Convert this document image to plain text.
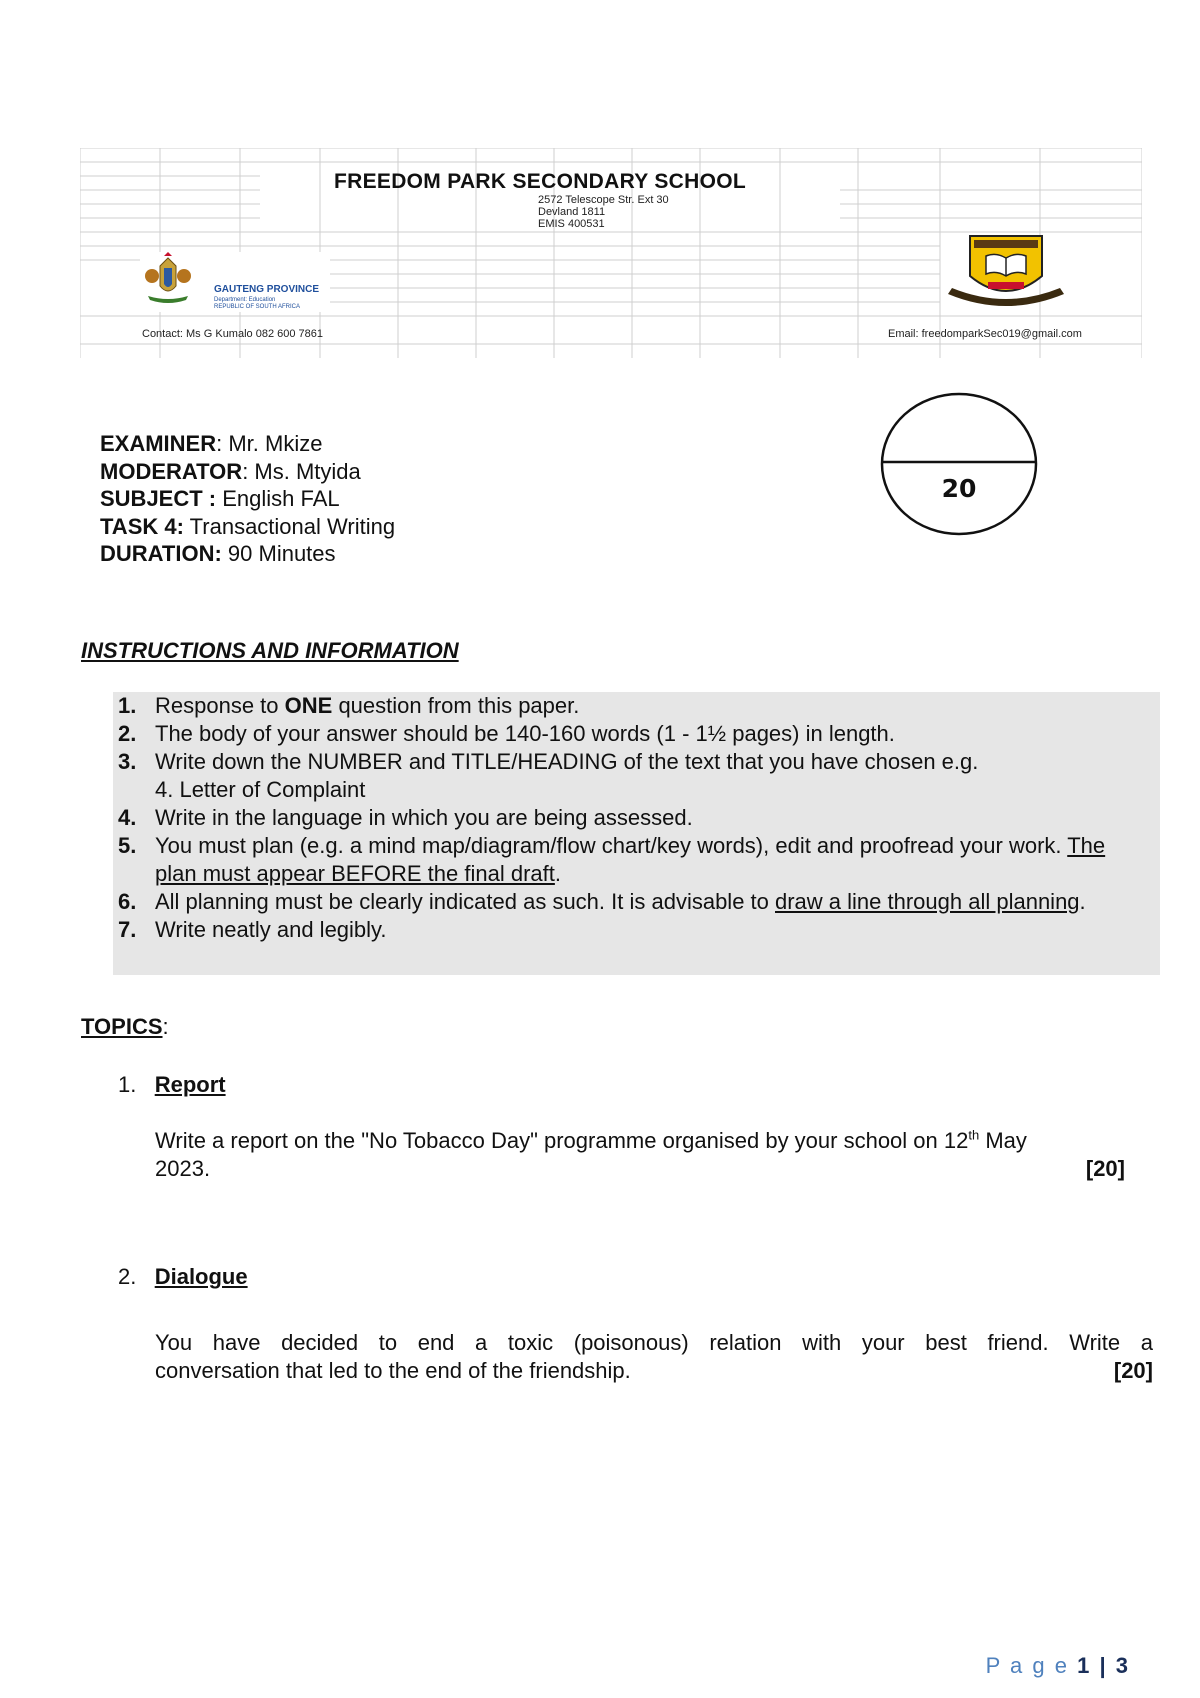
FREEDOM PARK SECONDARY SCHOOL
2572 Telescope Str. Ext 30
Devland 1811
EMIS 400531
GAUTENG PROVINCE
Department: Education
REPUBLIC OF SOUTH AFRICA
Contact: Ms G Kumalo 082 600 7861	Email: freedomparkSec019@gmail.com
EXAMINER: Mr. Mkize
MODERATOR: Ms. Mtyida
SUBJECT : English FAL
TASK 4: Transactional Writing
DURATION: 90 Minutes
20
INSTRUCTIONS AND INFORMATION
1. Response to ONE question from this paper.
2. The body of your answer should be 140-160 words (1 - 1½ pages) in length.
3. Write down the NUMBER and TITLE/HEADING of the text that you have chosen e.g.
4. Letter of Complaint
4. Write in the language in which you are being assessed.
5. You must plan (e.g. a mind map/diagram/flow chart/key words), edit and proofread your work. The plan must appear BEFORE the final draft.
6. All planning must be clearly indicated as such. It is advisable to draw a line through all planning.
7. Write neatly and legibly.
TOPICS:
1. Report
Write a report on the "No Tobacco Day" programme organised by your school on 12th May
2023.	[20]
2. Dialogue
You have decided to end a toxic (poisonous) relation with your best friend. Write a
conversation that led to the end of the friendship.	[20]
P a g e 1 | 3
